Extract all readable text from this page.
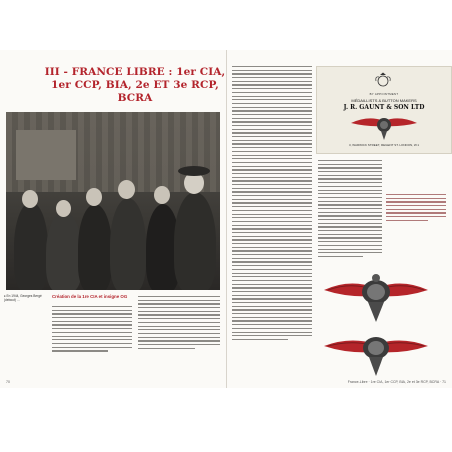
III - FRANCE LIBRE : 1er CIA,
1er CCP, BIA, 2e ET 3e RCP, BCRA
♦ En 1944, Georges Bergé (debout) …
Création de la 1re CIA et insigne OG
70
BY APPOINTMENT
MÉDAILLISTS & BUTTON MAKERS
J. R. GAUNT & SON LTD
3, WARWICK STREET, REGENT ST. LONDON, W.1
France-Libre · 1re CIA, 1er CCP, BIA, 2e et 3e RCP, BCRA · 71
